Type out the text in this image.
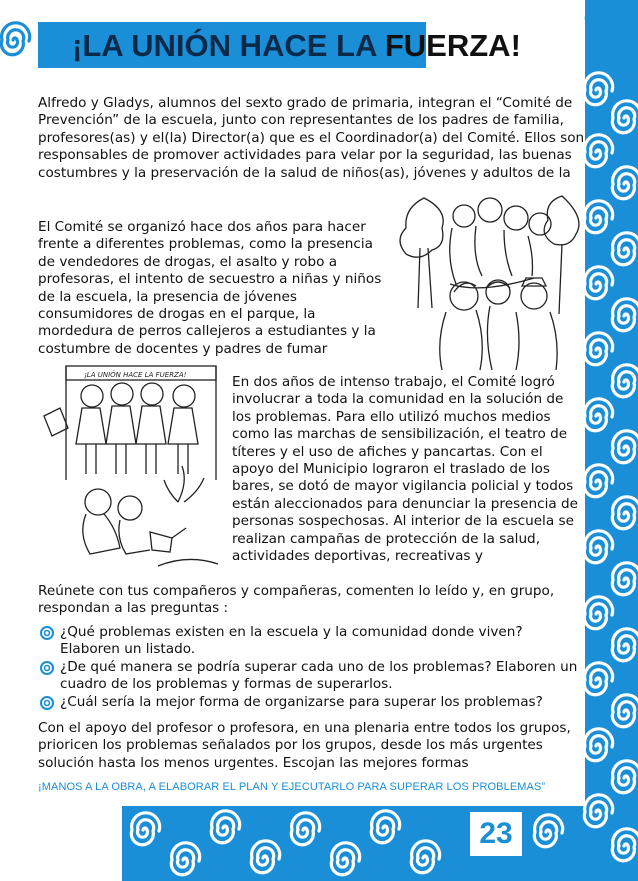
¡LA UNIÓN HACE LA FUERZA!

Alfredo y Gladys, alumnos del sexto grado de primaria, integran el “Comité de Prevención” de la escuela, junto con representantes de los padres de familia, profesores(as) y el(la) Director(a) que es el Coordinador(a) del Comité. Ellos son responsables de promover actividades para velar por la seguridad, las buenas costumbres y la preservación de la salud de niños(as), jóvenes y adultos de la

El Comité se organizó hace dos años para hacer frente a diferentes problemas, como la presencia de vendedores de drogas, el asalto y robo a profesoras, el intento de secuestro a niñas y niños de la escuela, la presencia de jóvenes consumidores de drogas en el parque, la mordedura de perros callejeros a estudiantes y la costumbre de docentes y padres de fumar

¡LA UNIÓN HACE LA FUERZA!	En dos años de intenso trabajo, el Comité logró involucrar a toda la comunidad en la solución de los problemas. Para ello utilizó muchos medios como las marchas de sensibilización, el teatro de títeres y el uso de afiches y pancartas. Con el apoyo del Municipio lograron el traslado de los bares, se dotó de mayor vigilancia policial y todos están aleccionados para denunciar la presencia de personas sospechosas. Al interior de la escuela se realizan campañas de protección de la salud, actividades deportivas, recreativas y

Reúnete con tus compañeros y compañeras, comenten lo leído y, en grupo, respondan a las preguntas :

¿Qué problemas existen en la escuela y la comunidad donde viven? Elaboren un listado.
¿De qué manera se podría superar cada uno de los problemas? Elaboren un cuadro de los problemas y formas de superarlos.
¿Cuál sería la mejor forma de organizarse para superar los problemas?

Con el apoyo del profesor o profesora, en una plenaria entre todos los grupos, prioricen los problemas señalados por los grupos, desde los más urgentes solución hasta los menos urgentes. Escojan las mejores formas

¡MANOS A LA OBRA, A ELABORAR EL PLAN Y EJECUTARLO PARA SUPERAR LOS PROBLEMAS”
23
